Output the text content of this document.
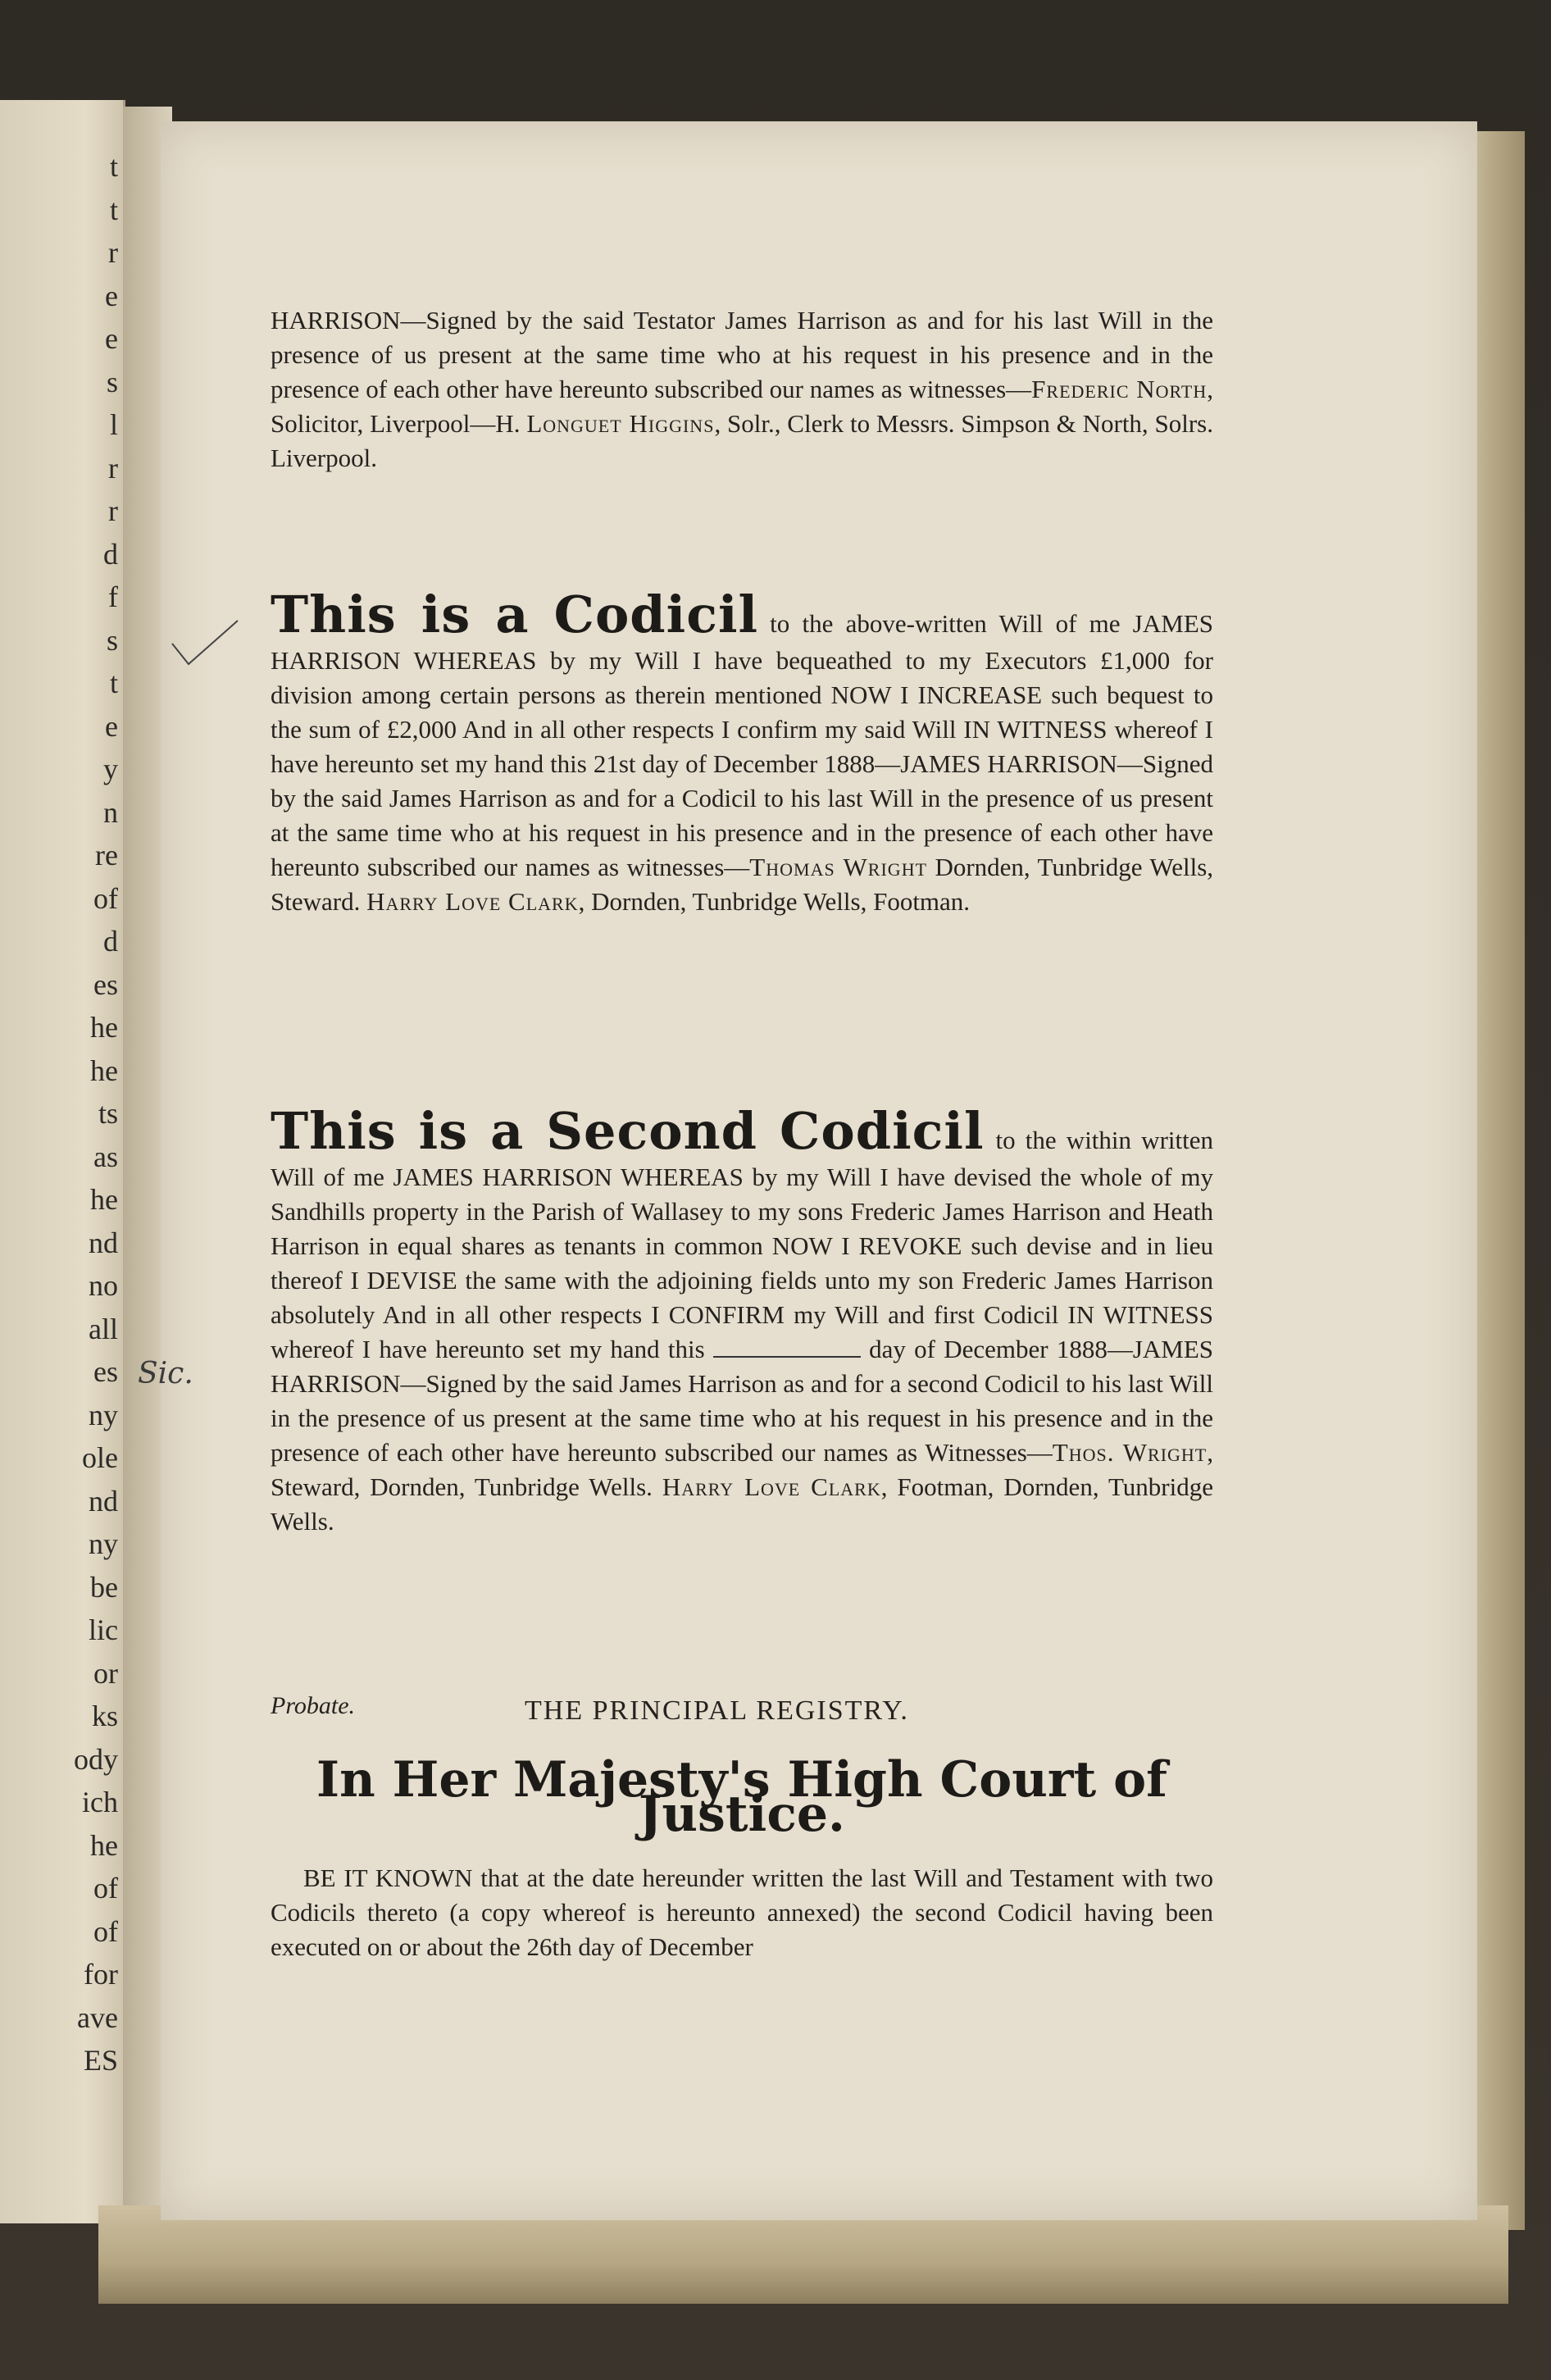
t
t
r
e
e
s
l
r
r
d
f
s
t
e
y
n
re
of
d
es
he
he
ts
as
he
nd
no
all
es
ny
ole
nd
ny
be
lic
or
ks
ody
ich
he
of
of
for
ave
ES
Sic.

HARRISON—Signed by the said Testator James Harrison as and for his last Will in the presence of us present at the same time who at his request in his presence and in the presence of each other have hereunto subscribed our names as witnesses—Frederic North, Solicitor, Liverpool—H. Longuet Higgins, Solr., Clerk to Messrs. Simpson & North, Solrs. Liverpool.

This is a Codicil to the above-written Will of me JAMES HARRISON WHEREAS by my Will I have bequeathed to my Executors £1,000 for division among certain persons as therein mentioned NOW I INCREASE such bequest to the sum of £2,000 And in all other respects I confirm my said Will IN WITNESS whereof I have hereunto set my hand this 21st day of December 1888—JAMES HARRISON—Signed by the said James Harrison as and for a Codicil to his last Will in the presence of us present at the same time who at his request in his presence and in the presence of each other have hereunto subscribed our names as witnesses—Thomas Wright Dornden, Tunbridge Wells, Steward. Harry Love Clark, Dornden, Tunbridge Wells, Footman.

This is a Second Codicil to the within written Will of me JAMES HARRISON WHEREAS by my Will I have devised the whole of my Sandhills property in the Parish of Wallasey to my sons Frederic James Harrison and Heath Harrison in equal shares as tenants in common NOW I REVOKE such devise and in lieu thereof I DEVISE the same with the adjoining fields unto my son Frederic James Harrison absolutely And in all other respects I CONFIRM my Will and first Codicil IN WITNESS whereof I have hereunto set my hand this	day of December 1888—JAMES HARRISON—Signed by the said James Harrison as and for a second Codicil to his last Will in the presence of us present at the same time who at his request in his presence and in the presence of each other have hereunto subscribed our names as Witnesses—Thos. Wright, Steward, Dornden, Tunbridge Wells. Harry Love Clark, Footman, Dornden, Tunbridge Wells.

Probate.	THE PRINCIPAL REGISTRY.
In Her Majesty's High Court of Justice.

BE IT KNOWN that at the date hereunder written the last Will and Testament with two Codicils thereto (a copy whereof is hereunto annexed) the second Codicil having been executed on or about the 26th day of December
